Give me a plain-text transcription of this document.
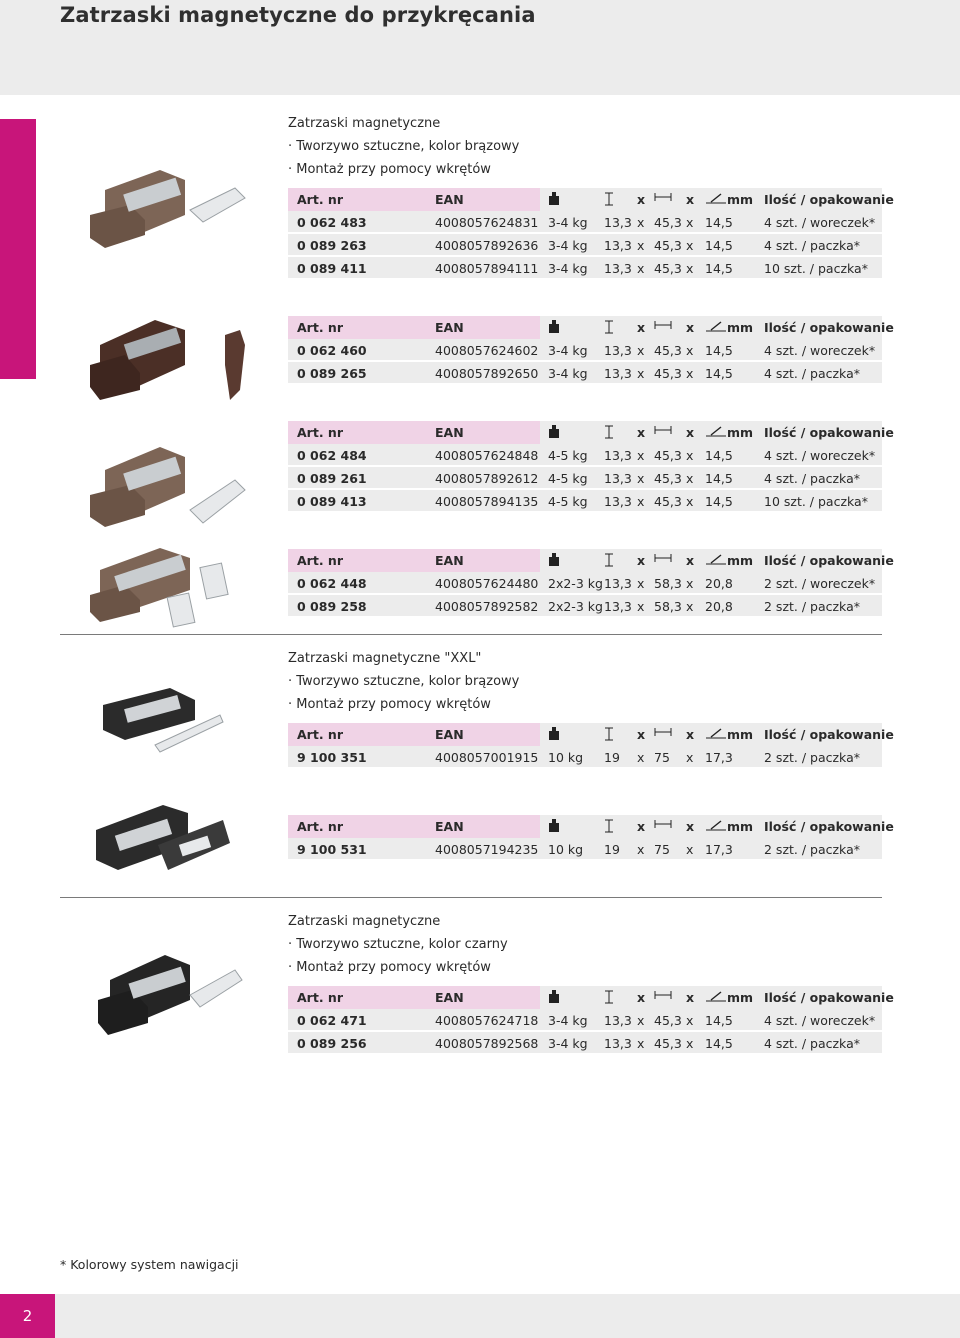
Zatrzaski magnetyczne do przykręcania
Zatrzaski magnetyczne
· Tworzywo sztuczne, kolor brązowy
· Montaż przy pomocy wkrętów
Zatrzaski magnetyczne "XXL"
· Tworzywo sztuczne, kolor brązowy
· Montaż przy pomocy wkrętów
Zatrzaski magnetyczne
· Tworzywo sztuczne, kolor czarny
· Montaż przy pomocy wkrętów
Art. nr	EAN	x	x	mm Ilość / opakowanie
0 062 483	4008057624831 3-4 kg 13,3 x 45,3 x 14,5 4 szt. / woreczek*
0 089 263	4008057892636 3-4 kg 13,3 x 45,3 x 14,5 4 szt. / paczka*
0 089 411	4008057894111 3-4 kg 13,3 x 45,3 x 14,5 10 szt. / paczka*
Art. nr	EAN	x	x	mm Ilość / opakowanie
0 062 460	4008057624602 3-4 kg 13,3 x 45,3 x 14,5 4 szt. / woreczek*
0 089 265	4008057892650 3-4 kg 13,3 x 45,3 x 14,5 4 szt. / paczka*
Art. nr	EAN	x	x	mm Ilość / opakowanie
0 062 484	4008057624848 4-5 kg 13,3 x 45,3 x 14,5 4 szt. / woreczek*
0 089 261	4008057892612 4-5 kg 13,3 x 45,3 x 14,5 4 szt. / paczka*
0 089 413	4008057894135 4-5 kg 13,3 x 45,3 x 14,5 10 szt. / paczka*
Art. nr	EAN	x	x	mm Ilość / opakowanie
0 062 448	4008057624480 2x2-3 kg 13,3 x 58,3 x 20,8 2 szt. / woreczek*
0 089 258	4008057892582 2x2-3 kg 13,3 x 58,3 x 20,8 2 szt. / paczka*
Art. nr	EAN	x	x	mm Ilość / opakowanie
9 100 351	4008057001915 10 kg 19 x 75 x 17,3 2 szt. / paczka*
Art. nr	EAN	x	x	mm Ilość / opakowanie
9 100 531	4008057194235 10 kg 19 x 75 x 17,3 2 szt. / paczka*
Art. nr	EAN	x	x	mm Ilość / opakowanie
0 062 471	4008057624718 3-4 kg 13,3 x 45,3 x 14,5 4 szt. / woreczek*
0 089 256	4008057892568 3-4 kg 13,3 x 45,3 x 14,5 4 szt. / paczka*
* Kolorowy system nawigacji
2
